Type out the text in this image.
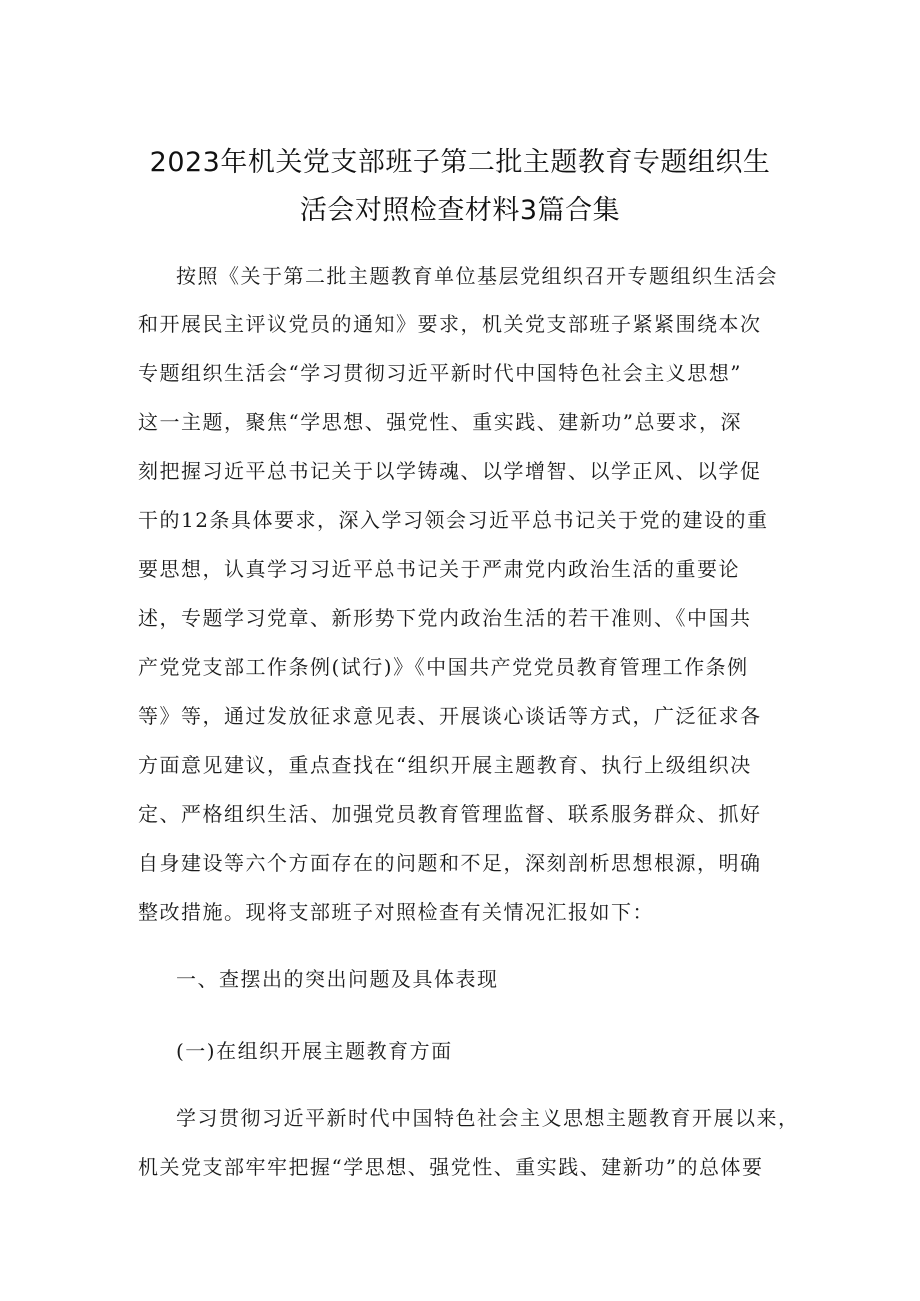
2023年机关党支部班子第二批主题教育专题组织生
活会对照检查材料3篇合集
按照《关于第二批主题教育单位基层党组织召开专题组织生活会
和开展民主评议党员的通知》要求，机关党支部班子紧紧围绕本次
专题组织生活会“学习贯彻习近平新时代中国特色社会主义思想”
这一主题，聚焦“学思想、强党性、重实践、建新功”总要求，深
刻把握习近平总书记关于以学铸魂、以学增智、以学正风、以学促
干的12条具体要求，深入学习领会习近平总书记关于党的建设的重
要思想，认真学习习近平总书记关于严肃党内政治生活的重要论
述，专题学习党章、新形势下党内政治生活的若干准则、《中国共
产党党支部工作条例(试行)》《中国共产党党员教育管理工作条例
等》等，通过发放征求意见表、开展谈心谈话等方式，广泛征求各
方面意见建议，重点查找在“组织开展主题教育、执行上级组织决
定、严格组织生活、加强党员教育管理监督、联系服务群众、抓好
自身建设等六个方面存在的问题和不足，深刻剖析思想根源，明确
整改措施。现将支部班子对照检查有关情况汇报如下：
一、查摆出的突出问题及具体表现
(一)在组织开展主题教育方面
学习贯彻习近平新时代中国特色社会主义思想主题教育开展以来，
机关党支部牢牢把握“学思想、强党性、重实践、建新功”的总体要
